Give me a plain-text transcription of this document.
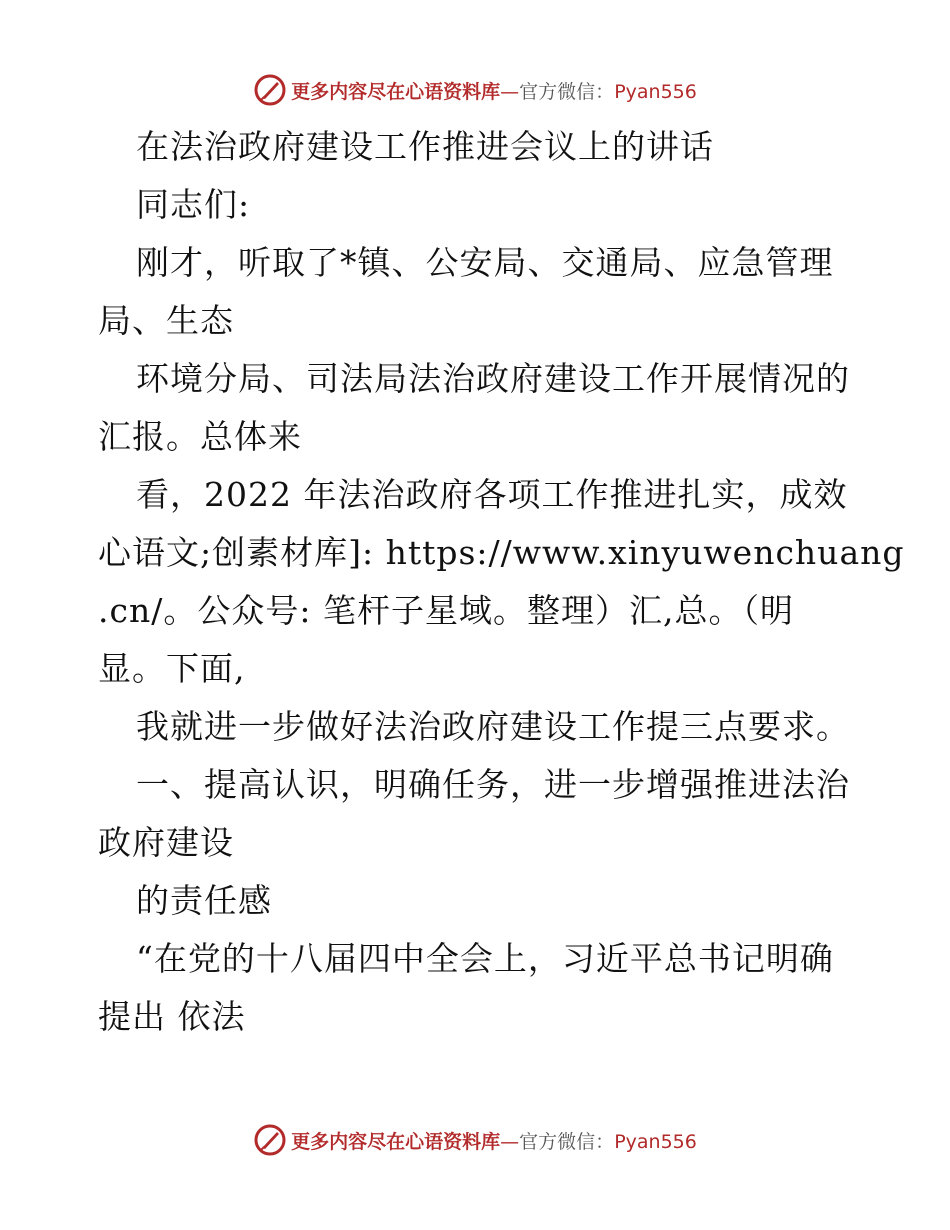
更多内容尽在心语资料库—官方微信：Pyan556
在法治政府建设工作推进会议上的讲话
同志们:
刚才，听取了*镇、公安局、交通局、应急管理
局、生态
环境分局、司法局法治政府建设工作开展情况的
汇报。总体来
看，2022 年法治政府各项工作推进扎实，成效
心语文;创素材库]: https://www.xinyuwenchuang
.cn/。公众号: 笔杆子星域。整理）汇,总。（明
显。下面,
我就进一步做好法治政府建设工作提三点要求。
一、提高认识，明确任务，进一步增强推进法治
政府建设
的责任感
“在党的十八届四中全会上，习近平总书记明确
提出 依法
更多内容尽在心语资料库—官方微信：Pyan556
